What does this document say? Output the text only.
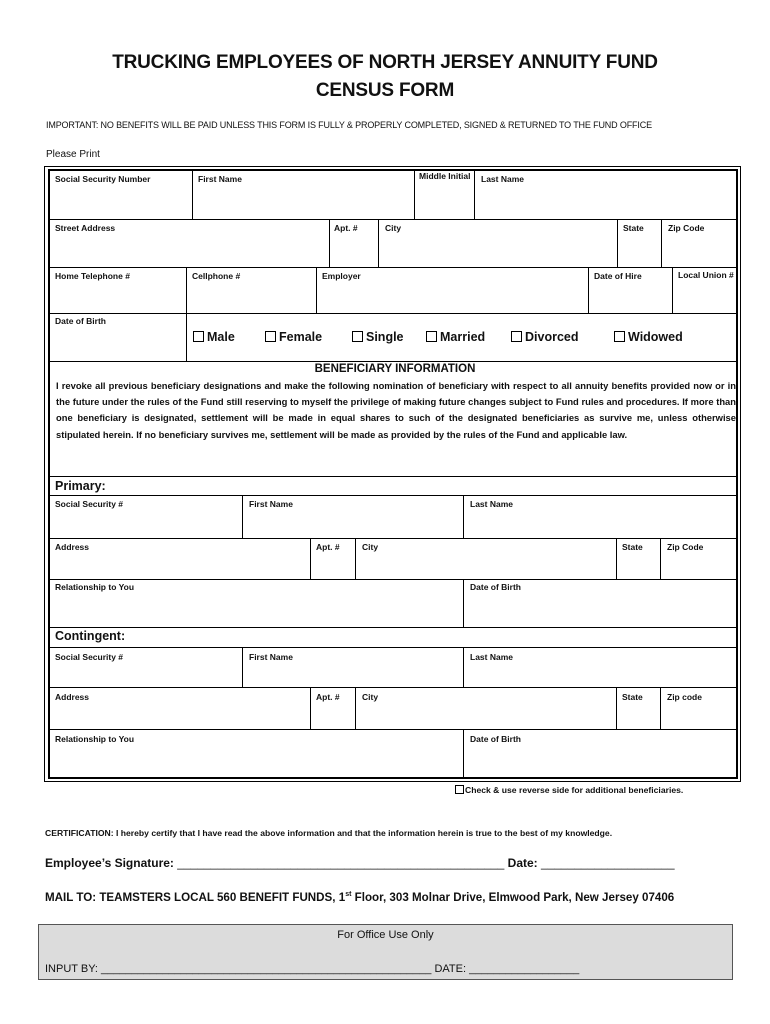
TRUCKING EMPLOYEES OF NORTH JERSEY ANNUITY FUND
CENSUS FORM
IMPORTANT: NO BENEFITS WILL BE PAID UNLESS THIS FORM IS FULLY & PROPERLY COMPLETED, SIGNED & RETURNED TO THE FUND OFFICE
Please Print
Social Security Number	First Name	Middle Initial Last Name
Street Address	Apt. #	City	State	Zip Code
Home Telephone #	Cellphone #	Employer	Date of Hire	Local Union #
Date of Birth
Male	Female	Single	Married	Divorced	Widowed
BENEFICIARY INFORMATION
I revoke all previous beneficiary designations and make the following nomination of beneficiary with respect to all annuity benefits provided now or in the future under the rules of the Fund still reserving to myself the privilege of making future changes subject to Fund rules and procedures. If more than one beneficiary is designated, settlement will be made in equal shares to such of the designated beneficiaries as survive me, unless otherwise stipulated herein. If no beneficiary survives me, settlement will be made as provided by the rules of the Fund and applicable law.
Primary:
Social Security #	First Name	Last Name
Address	Apt. #	City	State	Zip Code
Relationship to You	Date of Birth
Contingent:
Social Security #	First Name	Last Name
Address	Apt. #	City	State	Zip code
Relationship to You	Date of Birth
Check & use reverse side for additional beneficiaries.
CERTIFICATION: I hereby certify that I have read the above information and that the information herein is true to the best of my knowledge.
Employee’s Signature: _________________________________________________ Date: ____________________
MAIL TO: TEAMSTERS LOCAL 560 BENEFIT FUNDS, 1st Floor, 303 Molnar Drive, Elmwood Park, New Jersey 07406
For Office Use Only
INPUT BY: ______________________________________________________ DATE: __________________
